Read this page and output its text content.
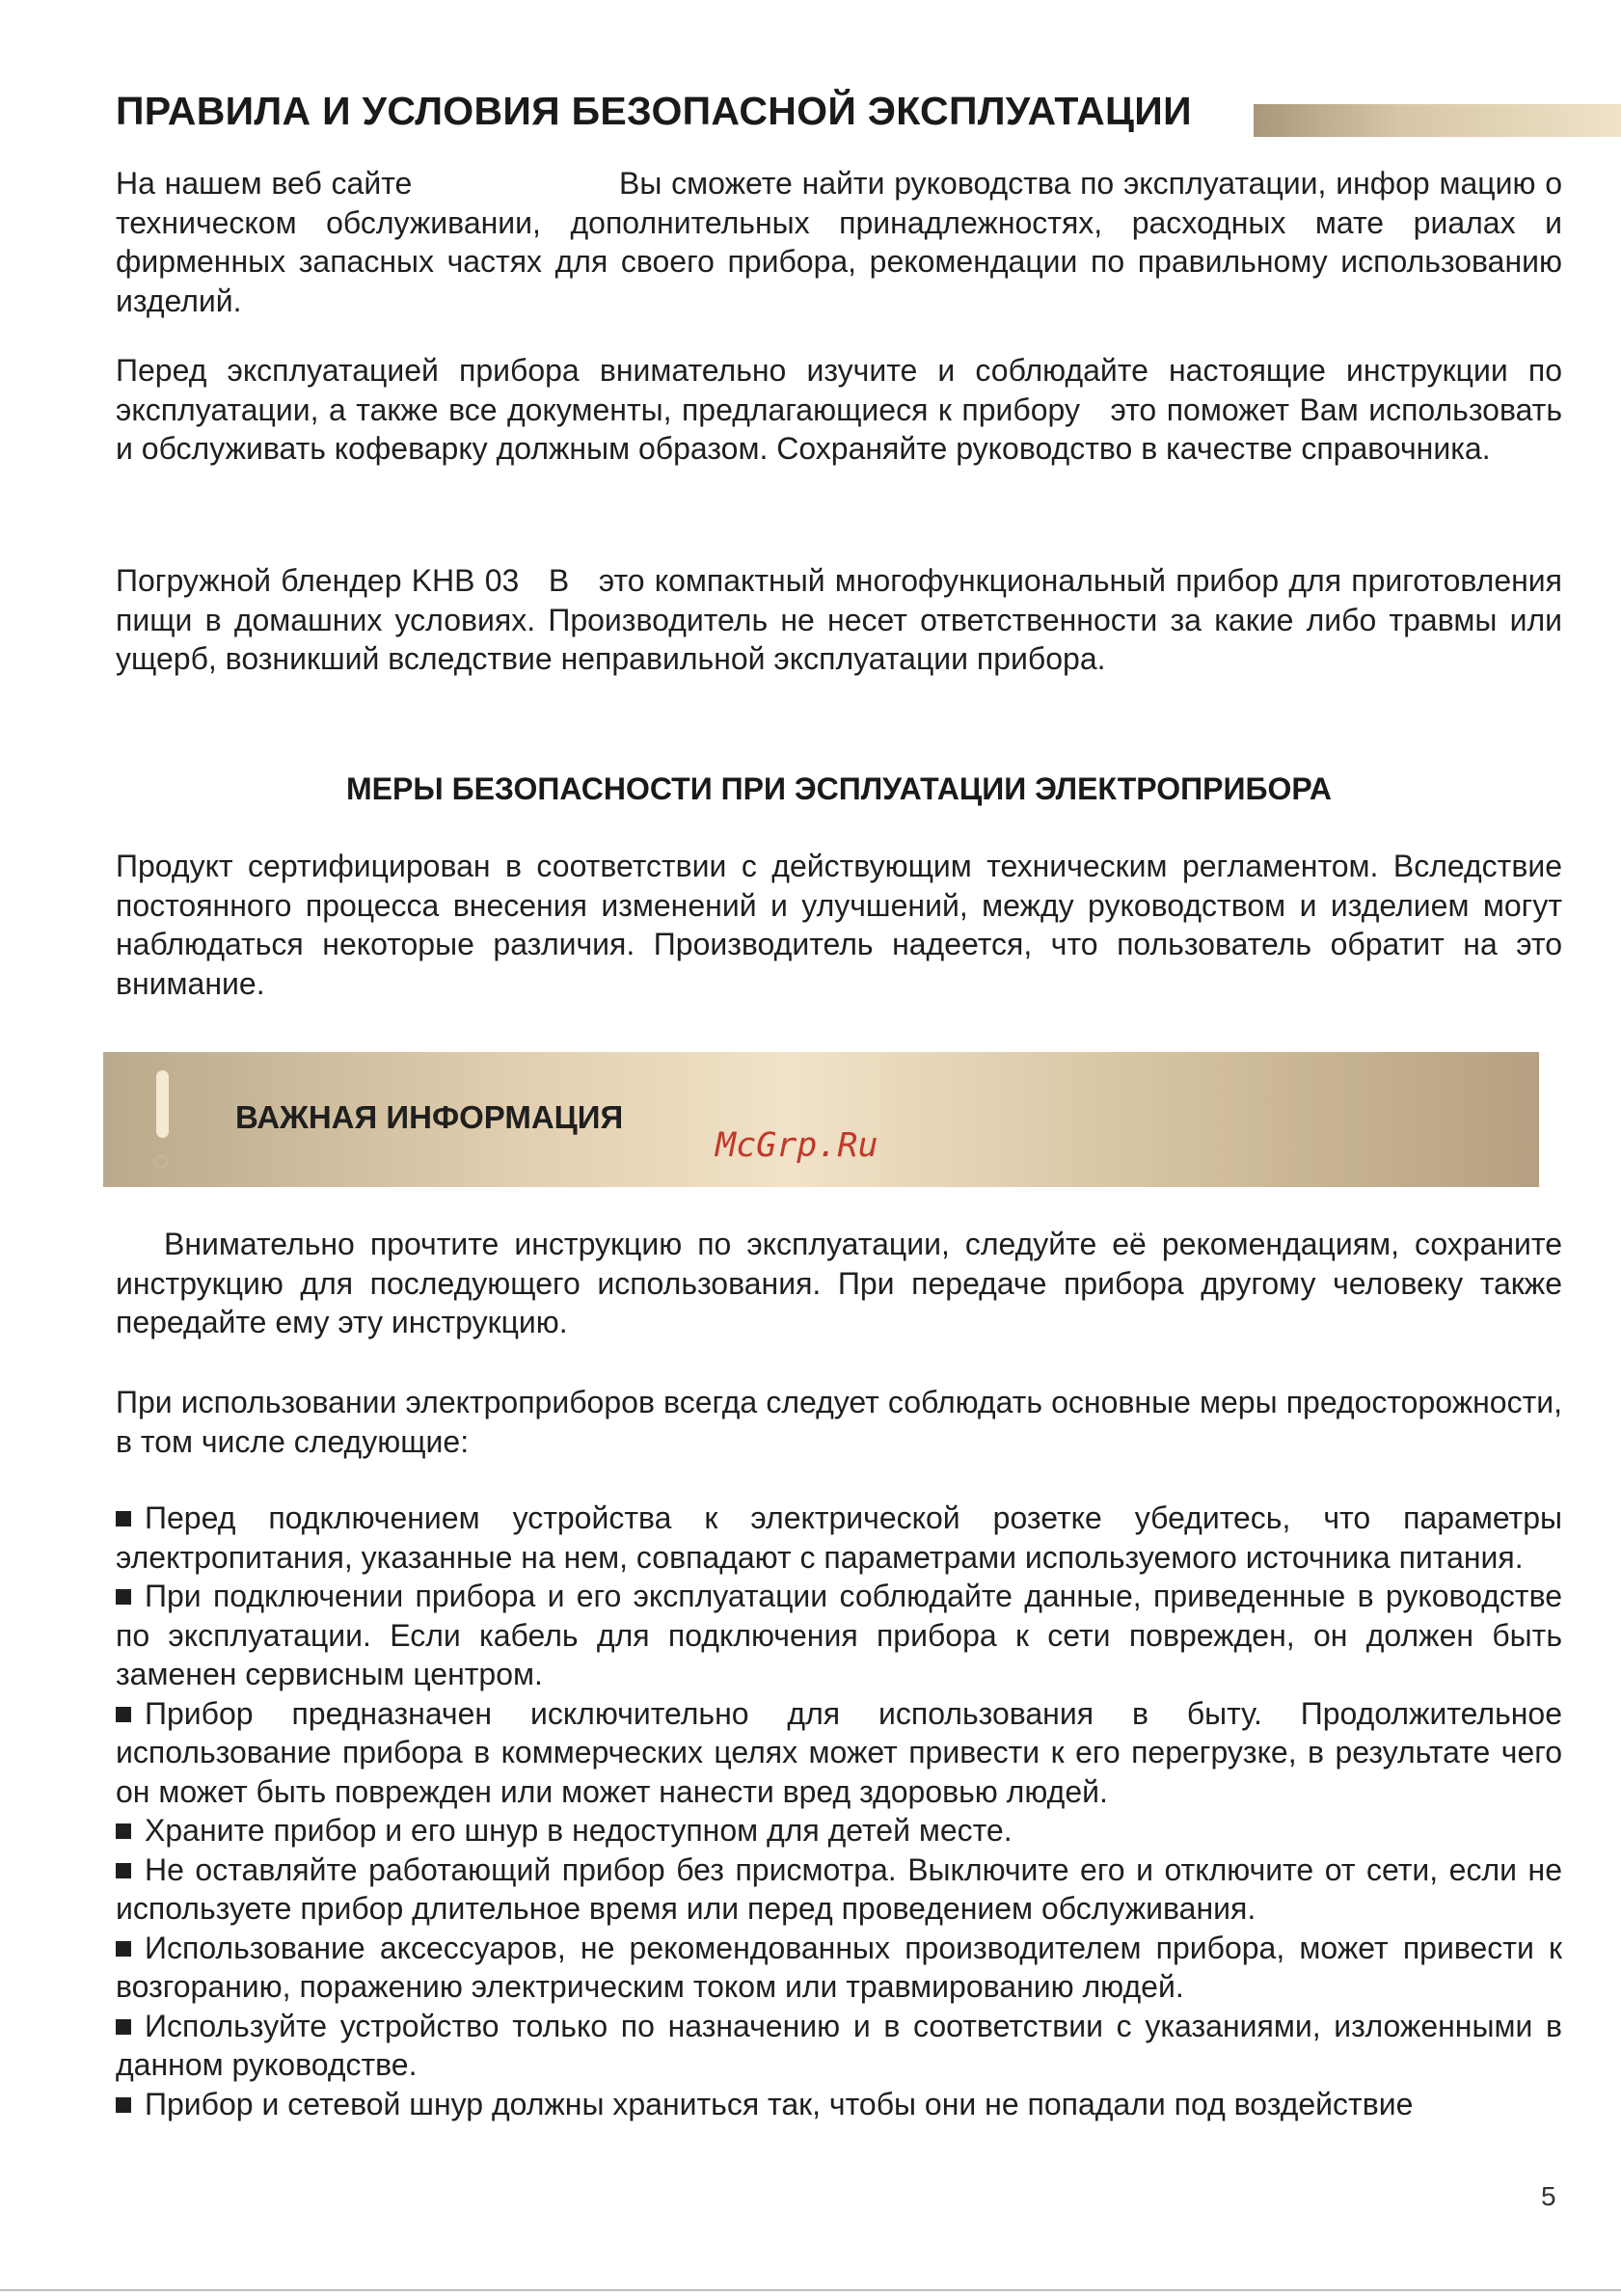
ПРАВИЛА И УСЛОВИЯ БЕЗОПАСНОЙ ЭКСПЛУАТАЦИИ

На нашем веб сайте                      Вы сможете найти руководства по эксплуатации, инфор мацию о техническом обслуживании, дополнительных принадлежностях, расходных мате риалах и фирменных запасных частях для своего прибора, рекомендации по правильному использованию изделий.

Перед эксплуатацией прибора внимательно изучите и соблюдайте настоящие инструкции по эксплуатации, а также все документы, предлагающиеся к прибору   это поможет Вам использовать и обслуживать кофеварку должным образом. Сохраняйте руководство в качестве справочника.

Погружной блендер KHB 03   B   это компактный многофункциональный прибор для приготовления пищи в домашних условиях. Производитель не несет ответственности за какие либо травмы или ущерб, возникший вследствие неправильной эксплуатации прибора.

МЕРЫ БЕЗОПАСНОСТИ ПРИ ЭСПЛУАТАЦИИ ЭЛЕКТРОПРИБОРА

Продукт сертифицирован в соответствии с действующим техническим регламентом. Вследствие постоянного процесса внесения изменений и улучшений, между руководством и изделием могут наблюдаться некоторые различия. Производитель надеется, что пользователь обратит на это внимание.

ВАЖНАЯ ИНФОРМАЦИЯ
McGrp.Ru

Внимательно прочтите инструкцию по эксплуатации, следуйте её рекомендациям, сохраните инструкцию для последующего использования. При передаче прибора другому человеку также передайте ему эту инструкцию.

При использовании электроприборов всегда следует соблюдать основные меры предосторожности, в том числе следующие:

Перед подключением устройства к электрической розетке убедитесь, что параметры электропитания, указанные на нем, совпадают с параметрами используемого источника питания.
При подключении прибора и его эксплуатации соблюдайте данные, приведенные в руководстве по эксплуатации. Если кабель для подключения прибора к сети поврежден, он должен быть заменен сервисным центром.
Прибор предназначен исключительно для использования в быту. Продолжительное использование прибора в коммерческих целях может привести к его перегрузке, в результате чего он может быть поврежден или может нанести вред здоровью людей.
Храните прибор и его шнур в недоступном для детей месте.
Не оставляйте работающий прибор без присмотра. Выключите его и отключите от сети, если не используете прибор длительное время или перед проведением обслуживания.
Использование аксессуаров, не рекомендованных производителем прибора, может привести к возгоранию, поражению электрическим током или травмированию людей.
Используйте устройство только по назначению и в соответствии с указаниями, изложенными в данном руководстве.
Прибор и сетевой шнур должны храниться так, чтобы они не попадали под воздействие
5
